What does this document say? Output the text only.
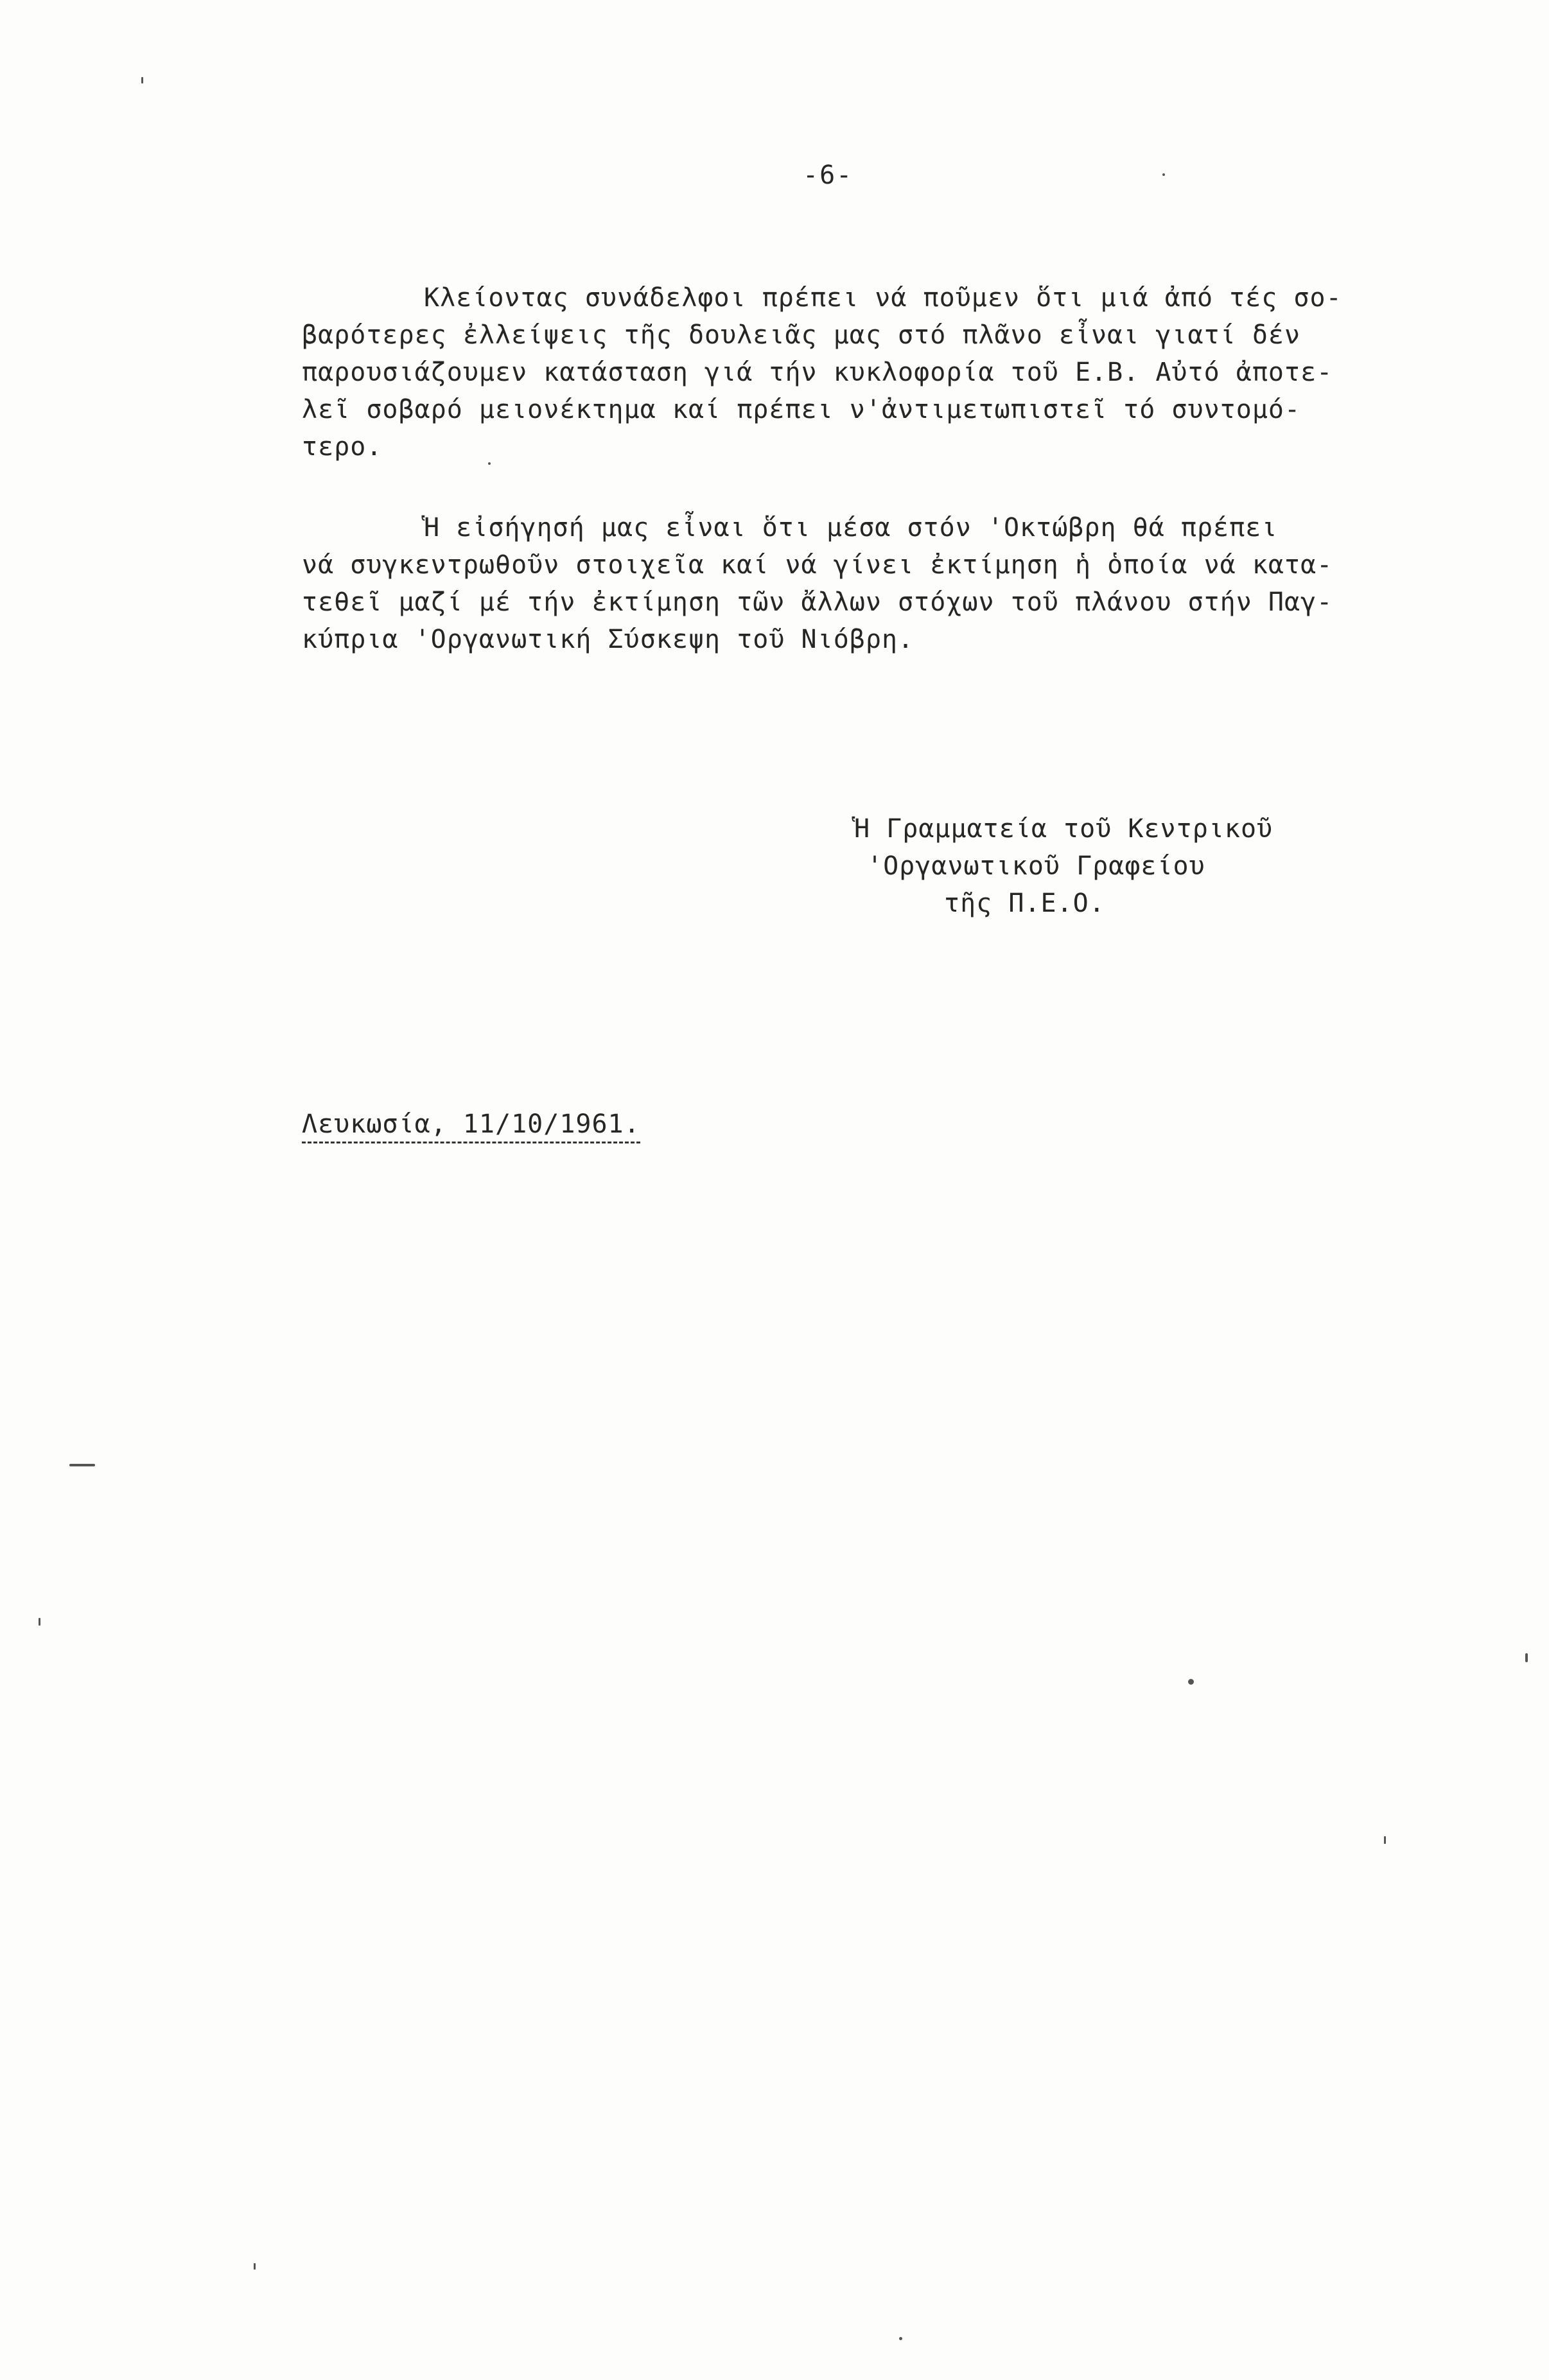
-6-
Κλείοντας συνάδελφοι πρέπει νά ποῦμεν ὅτι μιά ἀπό τές σο-
βαρότερες ἐλλείψεις τῆς δουλειᾶς μας στό πλᾶνο εἶναι γιατί δέν
παρουσιάζουμεν κατάσταση γιά τήν κυκλοφορία τοῦ Ε.Β. Αὐτό ἀποτε-
λεῖ σοβαρό μειονέκτημα καί πρέπει ν'ἀντιμετωπιστεῖ τό συντομό-
τερο.
Ἡ εἰσήγησή μας εἶναι ὅτι μέσα στόν 'Οκτώβρη θά πρέπει
νά συγκεντρωθοῦν στοιχεῖα καί νά γίνει ἐκτίμηση ἡ ὁποία νά κατα-
τεθεῖ μαζί μέ τήν ἐκτίμηση τῶν ἄλλων στόχων τοῦ πλάνου στήν Παγ-
κύπρια 'Οργανωτική Σύσκεψη τοῦ Νιόβρη.
Ἡ Γραμματεία τοῦ Κεντρικοῦ
'Οργανωτικοῦ Γραφείου
τῆς Π.Ε.Ο.
Λευκωσία, 11/10/1961.
